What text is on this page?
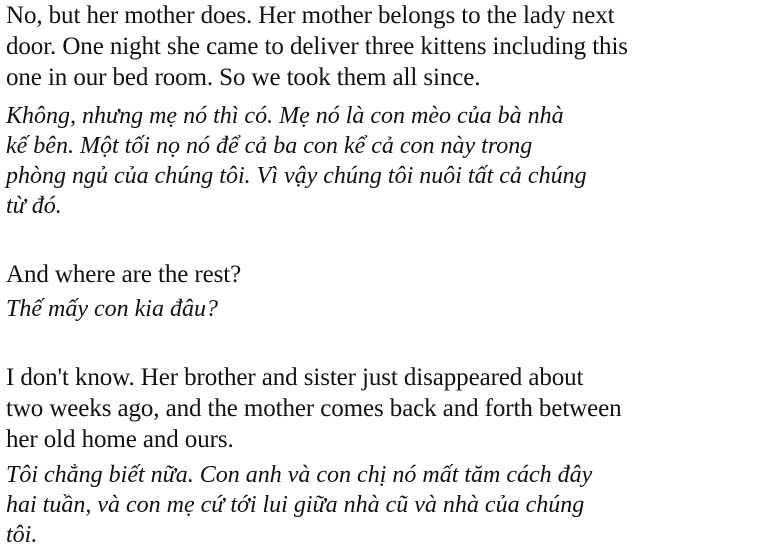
No, but her mother does. Her mother belongs to the lady next
door. One night she came to deliver three kittens including this
one in our bed room. So we took them all since.

Không, nhưng mẹ nó thì có. Mẹ nó là con mèo của bà nhà
kế bên. Một tối nọ nó để cả ba con kể cả con này trong
phòng ngủ của chúng tôi. Vì vậy chúng tôi nuôi tất cả chúng
từ đó.

And where are the rest?

Thế mấy con kia đâu?

I don't know. Her brother and sister just disappeared about
two weeks ago, and the mother comes back and forth between
her old home and ours.

Tôi chẳng biết nữa. Con anh và con chị nó mất tăm cách đây
hai tuần, và con mẹ cứ tới lui giữa nhà cũ và nhà của chúng
tôi.
